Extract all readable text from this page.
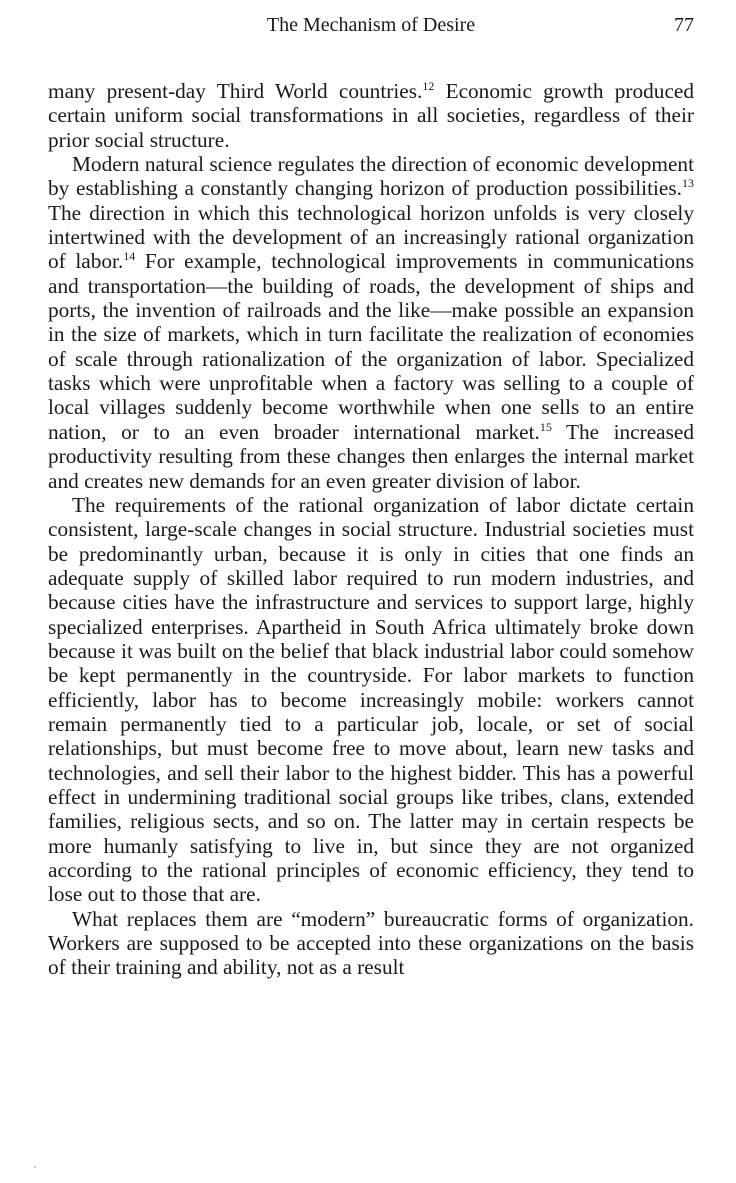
The Mechanism of Desire	77

many present-day Third World countries.$^{12}$ Economic growth produced certain uniform social transformations in all societies, regardless of their prior social structure.

Modern natural science regulates the direction of economic development by establishing a constantly changing horizon of production possibilities.$^{13}$ The direction in which this technological horizon unfolds is very closely intertwined with the development of an increasingly rational organization of labor.$^{14}$ For example, technological improvements in communications and transportation—the building of roads, the development of ships and ports, the invention of railroads and the like—make possible an expansion in the size of markets, which in turn facilitate the realization of economies of scale through rationalization of the organization of labor. Specialized tasks which were unprofitable when a factory was selling to a couple of local villages suddenly become worthwhile when one sells to an entire nation, or to an even broader international market.$^{15}$ The increased productivity resulting from these changes then enlarges the internal market and creates new demands for an even greater division of labor.

The requirements of the rational organization of labor dictate certain consistent, large-scale changes in social structure. Industrial societies must be predominantly urban, because it is only in cities that one finds an adequate supply of skilled labor required to run modern industries, and because cities have the infrastructure and services to support large, highly specialized enterprises. Apartheid in South Africa ultimately broke down because it was built on the belief that black industrial labor could somehow be kept permanently in the countryside. For labor markets to function efficiently, labor has to become increasingly mobile: workers cannot remain permanently tied to a particular job, locale, or set of social relationships, but must become free to move about, learn new tasks and technologies, and sell their labor to the highest bidder. This has a powerful effect in undermining traditional social groups like tribes, clans, extended families, religious sects, and so on. The latter may in certain respects be more humanly satisfying to live in, but since they are not organized according to the rational principles of economic efficiency, they tend to lose out to those that are.

What replaces them are “modern” bureaucratic forms of organization. Workers are supposed to be accepted into these organizations on the basis of their training and ability, not as a result
